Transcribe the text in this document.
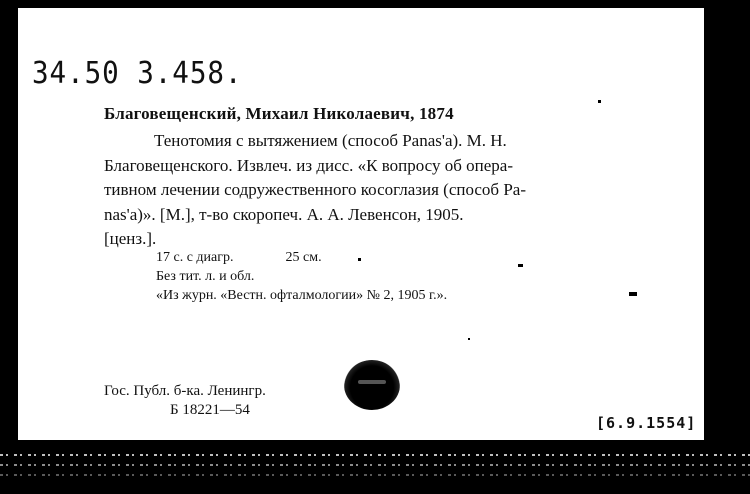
34.50 3.458.
Благовещенский, Михаил Николаевич, 1874
Тенотомия с вытяжением (способ Panas'a). М. Н.
Благовещенского. Извлеч. из дисс. «К вопросу об опера-
тивном лечении содружественного косоглазия (способ Pa-
nas'a)». [М.], т-во скоропеч. А. А. Левенсон, 1905.
[ценз.].
17 с. с диагр.	25 см.
Без тит. л. и обл.
«Из журн. «Вестн. офталмологии» № 2, 1905 г.».
Гос. Публ. б-ка. Ленингр.
Б 18221—54
[6.9.1554]
